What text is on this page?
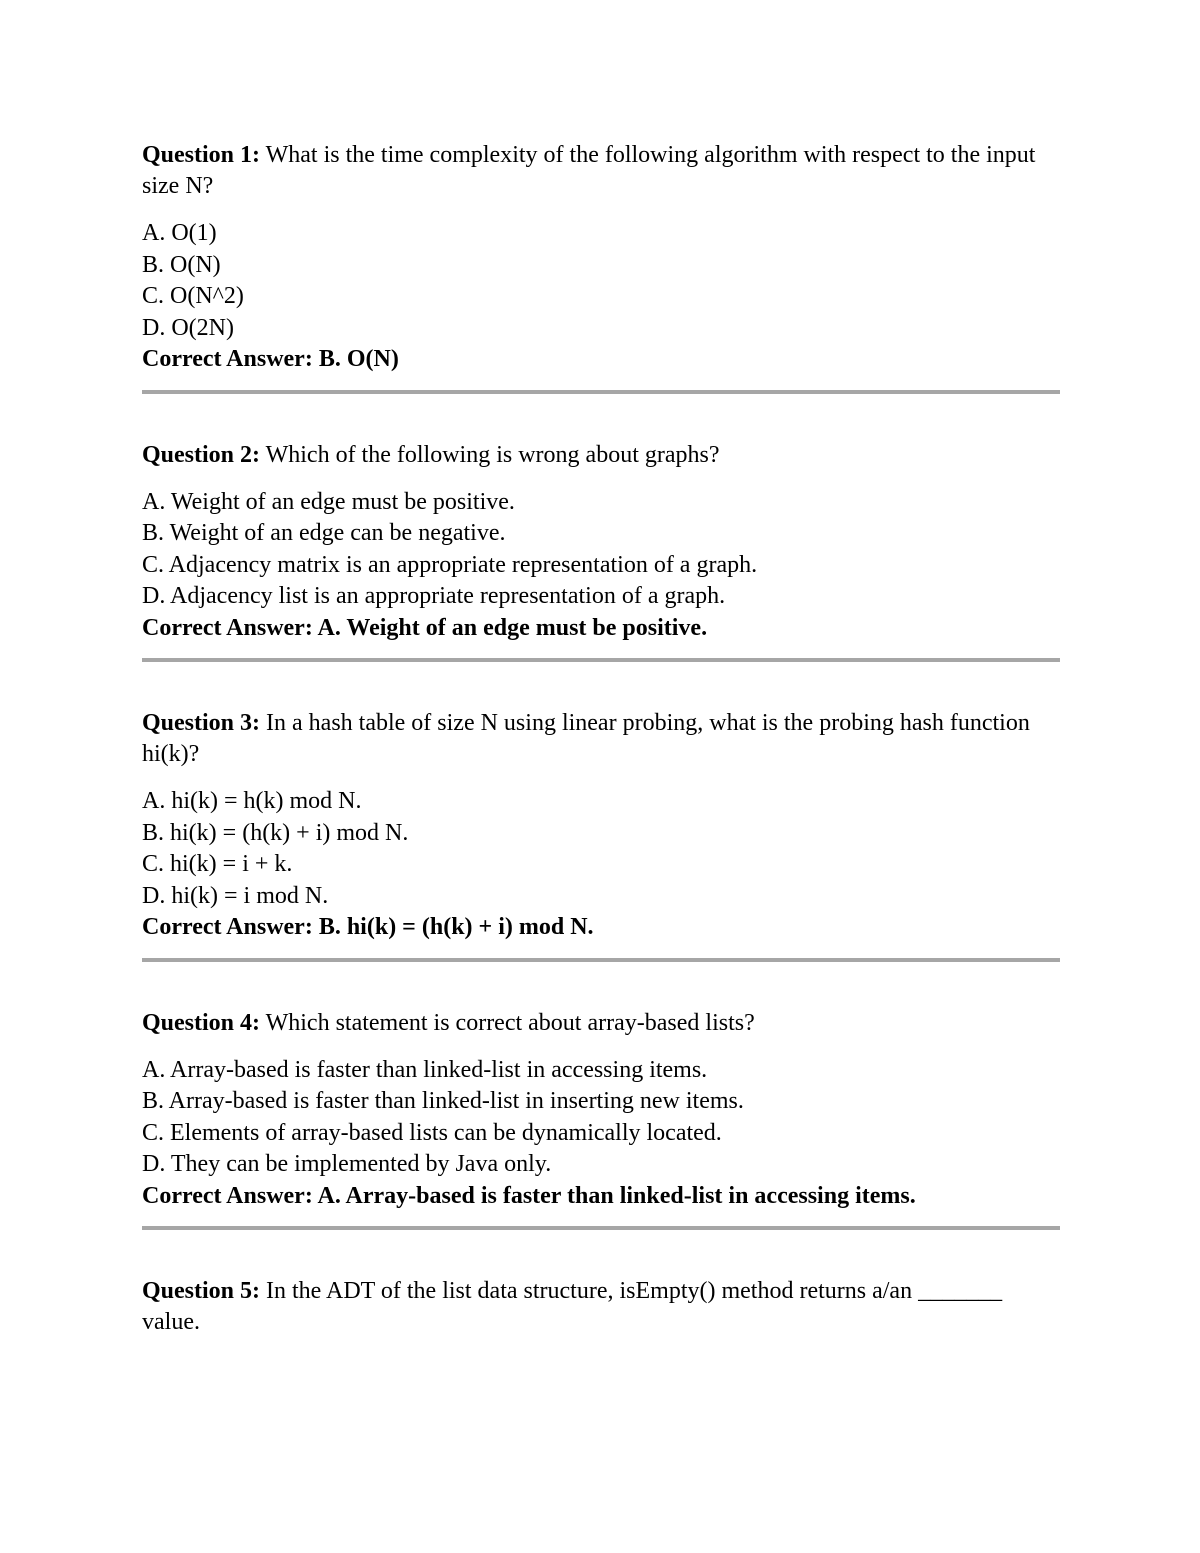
Question 1: What is the time complexity of the following algorithm with respect to the input size N?

A. O(1)
B. O(N)
C. O(N^2)
D. O(2N)
Correct Answer: B. O(N)

Question 2: Which of the following is wrong about graphs?

A. Weight of an edge must be positive.
B. Weight of an edge can be negative.
C. Adjacency matrix is an appropriate representation of a graph.
D. Adjacency list is an appropriate representation of a graph.
Correct Answer: A. Weight of an edge must be positive.

Question 3: In a hash table of size N using linear probing, what is the probing hash function hi(k)?

A. hi(k) = h(k) mod N.
B. hi(k) = (h(k) + i) mod N.
C. hi(k) = i + k.
D. hi(k) = i mod N.
Correct Answer: B. hi(k) = (h(k) + i) mod N.

Question 4: Which statement is correct about array-based lists?

A. Array-based is faster than linked-list in accessing items.
B. Array-based is faster than linked-list in inserting new items.
C. Elements of array-based lists can be dynamically located.
D. They can be implemented by Java only.
Correct Answer: A. Array-based is faster than linked-list in accessing items.

Question 5: In the ADT of the list data structure, isEmpty() method returns a/an _______ value.
